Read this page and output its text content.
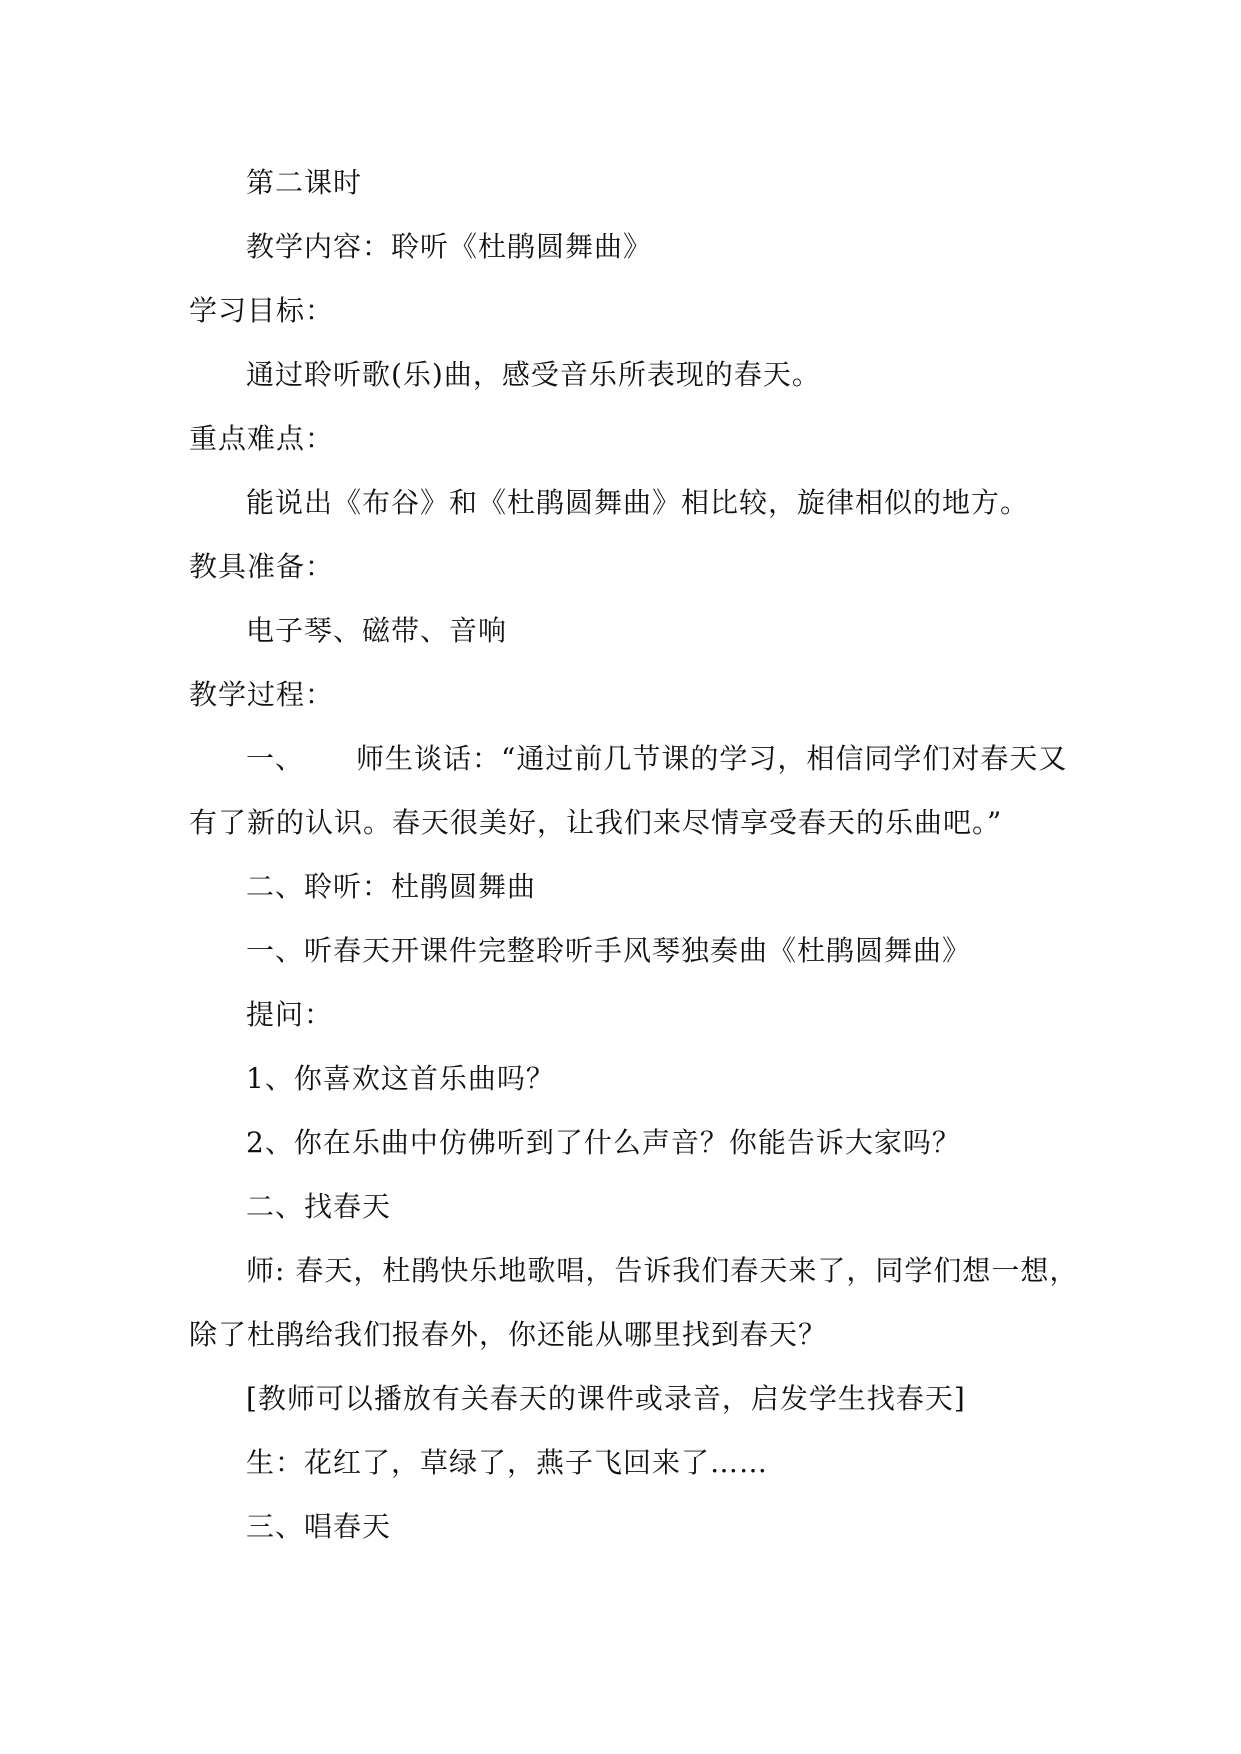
第二课时
教学内容：聆听《杜鹃圆舞曲》
学习目标：
通过聆听歌(乐)曲，感受音乐所表现的春天。
重点难点：
能说出《布谷》和《杜鹃圆舞曲》相比较，旋律相似的地方。
教具准备：
电子琴、磁带、音响
教学过程：
一、 师生谈话：“通过前几节课的学习，相信同学们对春天又
有了新的认识。春天很美好，让我们来尽情享受春天的乐曲吧。”
二、聆听：杜鹃圆舞曲
一、听春天开课件完整聆听手风琴独奏曲《杜鹃圆舞曲》
提问：
1、你喜欢这首乐曲吗？
2、你在乐曲中仿佛听到了什么声音？你能告诉大家吗？
二、找春天
师: 春天，杜鹃快乐地歌唱，告诉我们春天来了，同学们想一想，
除了杜鹃给我们报春外，你还能从哪里找到春天？
[教师可以播放有关春天的课件或录音，启发学生找春天]
生：花红了，草绿了，燕子飞回来了……
三、唱春天
